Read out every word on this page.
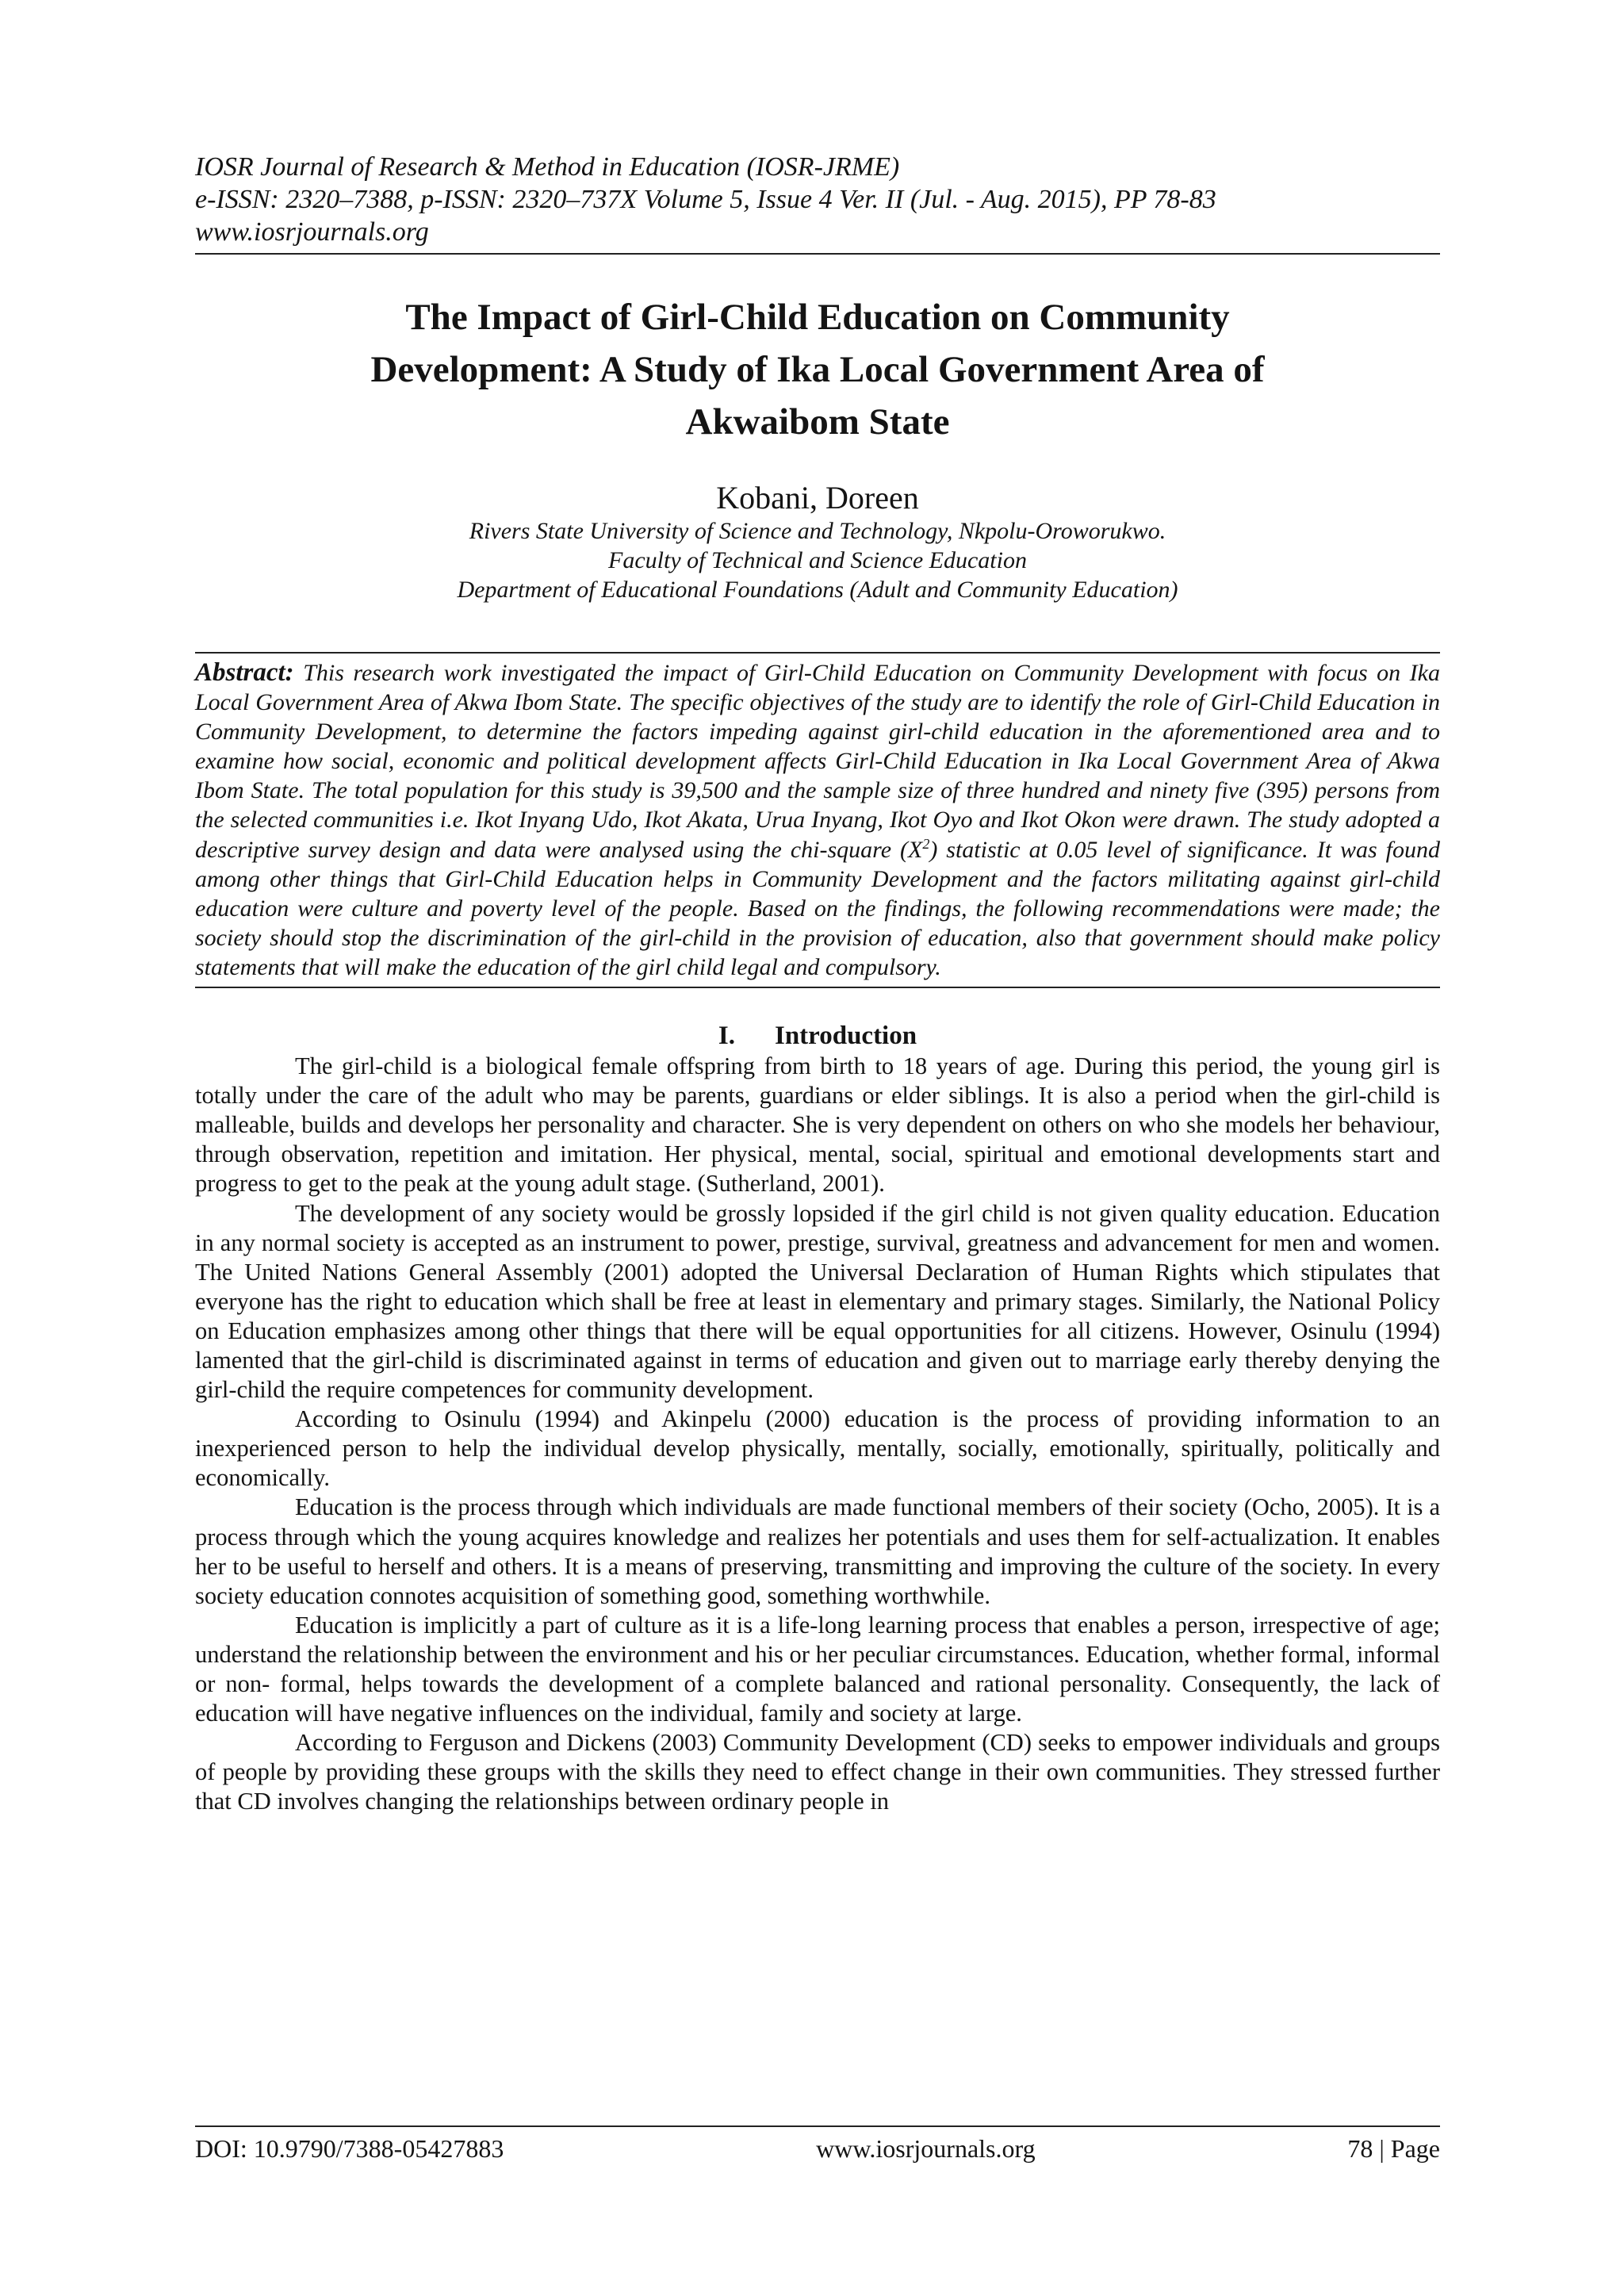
IOSR Journal of Research & Method in Education (IOSR-JRME)
e-ISSN: 2320–7388, p-ISSN: 2320–737X Volume 5, Issue 4 Ver. II (Jul. - Aug. 2015), PP 78-83
www.iosrjournals.org
The Impact of Girl-Child Education on Community Development: A Study of Ika Local Government Area of Akwaibom State
Kobani, Doreen
Rivers State University of Science and Technology, Nkpolu-Oroworukwo.
Faculty of Technical and Science Education
Department of Educational Foundations (Adult and Community Education)
Abstract: This research work investigated the impact of Girl-Child Education on Community Development with focus on Ika Local Government Area of Akwa Ibom State. The specific objectives of the study are to identify the role of Girl-Child Education in Community Development, to determine the factors impeding against girl-child education in the aforementioned area and to examine how social, economic and political development affects Girl-Child Education in Ika Local Government Area of Akwa Ibom State. The total population for this study is 39,500 and the sample size of three hundred and ninety five (395) persons from the selected communities i.e. Ikot Inyang Udo, Ikot Akata, Urua Inyang, Ikot Oyo and Ikot Okon were drawn. The study adopted a descriptive survey design and data were analysed using the chi-square $(X^2)$ statistic at 0.05 level of significance. It was found among other things that Girl-Child Education helps in Community Development and the factors militating against girl-child education were culture and poverty level of the people. Based on the findings, the following recommendations were made; the society should stop the discrimination of the girl-child in the provision of education, also that government should make policy statements that will make the education of the girl child legal and compulsory.
I. Introduction

The girl-child is a biological female offspring from birth to 18 years of age. During this period, the young girl is totally under the care of the adult who may be parents, guardians or elder siblings. It is also a period when the girl-child is malleable, builds and develops her personality and character. She is very dependent on others on who she models her behaviour, through observation, repetition and imitation. Her physical, mental, social, spiritual and emotional developments start and progress to get to the peak at the young adult stage. (Sutherland, 2001).

The development of any society would be grossly lopsided if the girl child is not given quality education. Education in any normal society is accepted as an instrument to power, prestige, survival, greatness and advancement for men and women. The United Nations General Assembly (2001) adopted the Universal Declaration of Human Rights which stipulates that everyone has the right to education which shall be free at least in elementary and primary stages. Similarly, the National Policy on Education emphasizes among other things that there will be equal opportunities for all citizens. However, Osinulu (1994) lamented that the girl-child is discriminated against in terms of education and given out to marriage early thereby denying the girl-child the require competences for community development.

According to Osinulu (1994) and Akinpelu (2000) education is the process of providing information to an inexperienced person to help the individual develop physically, mentally, socially, emotionally, spiritually, politically and economically.

Education is the process through which individuals are made functional members of their society (Ocho, 2005). It is a process through which the young acquires knowledge and realizes her potentials and uses them for self-actualization. It enables her to be useful to herself and others. It is a means of preserving, transmitting and improving the culture of the society. In every society education connotes acquisition of something good, something worthwhile.

Education is implicitly a part of culture as it is a life-long learning process that enables a person, irrespective of age; understand the relationship between the environment and his or her peculiar circumstances. Education, whether formal, informal or non- formal, helps towards the development of a complete balanced and rational personality. Consequently, the lack of education will have negative influences on the individual, family and society at large.

According to Ferguson and Dickens (2003) Community Development (CD) seeks to empower individuals and groups of people by providing these groups with the skills they need to effect change in their own communities. They stressed further that CD involves changing the relationships between ordinary people in

DOI: 10.9790/7388-05427883	www.iosrjournals.org	78 | Page
